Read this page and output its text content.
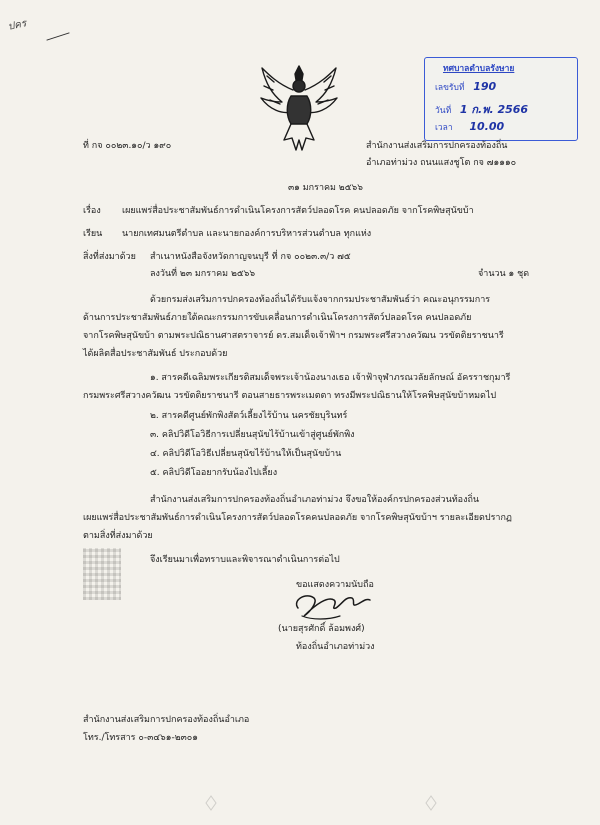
ปคร
ทศบาลตำบลรังษาย
เลขรับที่ 190
วันที่ 1 ก.พ. 2566
เวลา 10.00
ที่ กจ ๐๐๒๓.๑๐/ว ๑๙๐	สำนักงานส่งเสริมการปกครองท้องถิ่น
อำเภอท่าม่วง ถนนแสงชูโต กจ ๗๑๑๑๐
๓๑ มกราคม ๒๕๖๖
เรื่อง เผยแพร่สื่อประชาสัมพันธ์การดำเนินโครงการสัตว์ปลอดโรค คนปลอดภัย จากโรคพิษสุนัขบ้า
เรียน นายกเทศมนตรีตำบล และนายกองค์การบริหารส่วนตำบล ทุกแห่ง
สิ่งที่ส่งมาด้วย สำเนาหนังสือจังหวัดกาญจนบุรี ที่ กจ ๐๐๒๓.๓/ว ๗๕
ลงวันที่ ๒๓ มกราคม ๒๕๖๖	จำนวน ๑ ชุด
ด้วยกรมส่งเสริมการปกครองท้องถิ่นได้รับแจ้งจากกรมประชาสัมพันธ์ว่า คณะอนุกรรมการ
ด้านการประชาสัมพันธ์ภายใต้คณะกรรมการขับเคลื่อนการดำเนินโครงการสัตว์ปลอดโรค คนปลอดภัย
จากโรคพิษสุนัขบ้า ตามพระปณิธานศาสตราจารย์ ดร.สมเด็จเจ้าฟ้าฯ กรมพระศรีสวางควัฒน วรขัตติยราชนารี
ได้ผลิตสื่อประชาสัมพันธ์ ประกอบด้วย
๑. สารคดีเฉลิมพระเกียรติสมเด็จพระเจ้าน้องนางเธอ เจ้าฟ้าจุฬาภรณวลัยลักษณ์ อัครราชกุมารี
กรมพระศรีสวางควัฒน วรขัตติยราชนารี ตอนสายธารพระเมตตา ทรงมีพระปณิธานให้โรคพิษสุนัขบ้าหมดไป
๒. สารคดีศูนย์พักพิงสัตว์เลี้ยงไร้บ้าน นครชัยบุรินทร์
๓. คลิปวิดีโอวิธีการเปลี่ยนสุนัขไร้บ้านเข้าสู่ศูนย์พักพิง
๔. คลิปวิดีโอวิธีเปลี่ยนสุนัขไร้บ้านให้เป็นสุนัขบ้าน
๕. คลิปวิดีโออยากรับน้องไปเลี้ยง
สำนักงานส่งเสริมการปกครองท้องถิ่นอำเภอท่าม่วง จึงขอให้องค์กรปกครองส่วนท้องถิ่น
เผยแพร่สื่อประชาสัมพันธ์การดำเนินโครงการสัตว์ปลอดโรคคนปลอดภัย จากโรคพิษสุนัขบ้าฯ รายละเอียดปรากฏ
ตามสิ่งที่ส่งมาด้วย
จึงเรียนมาเพื่อทราบและพิจารณาดำเนินการต่อไป
ขอแสดงความนับถือ
(นายสุรศักดิ์ ล้อมพงศ์)
ท้องถิ่นอำเภอท่าม่วง
สำนักงานส่งเสริมการปกครองท้องถิ่นอำเภอ
โทร./โทรสาร ๐-๓๔๖๑-๒๓๐๑
